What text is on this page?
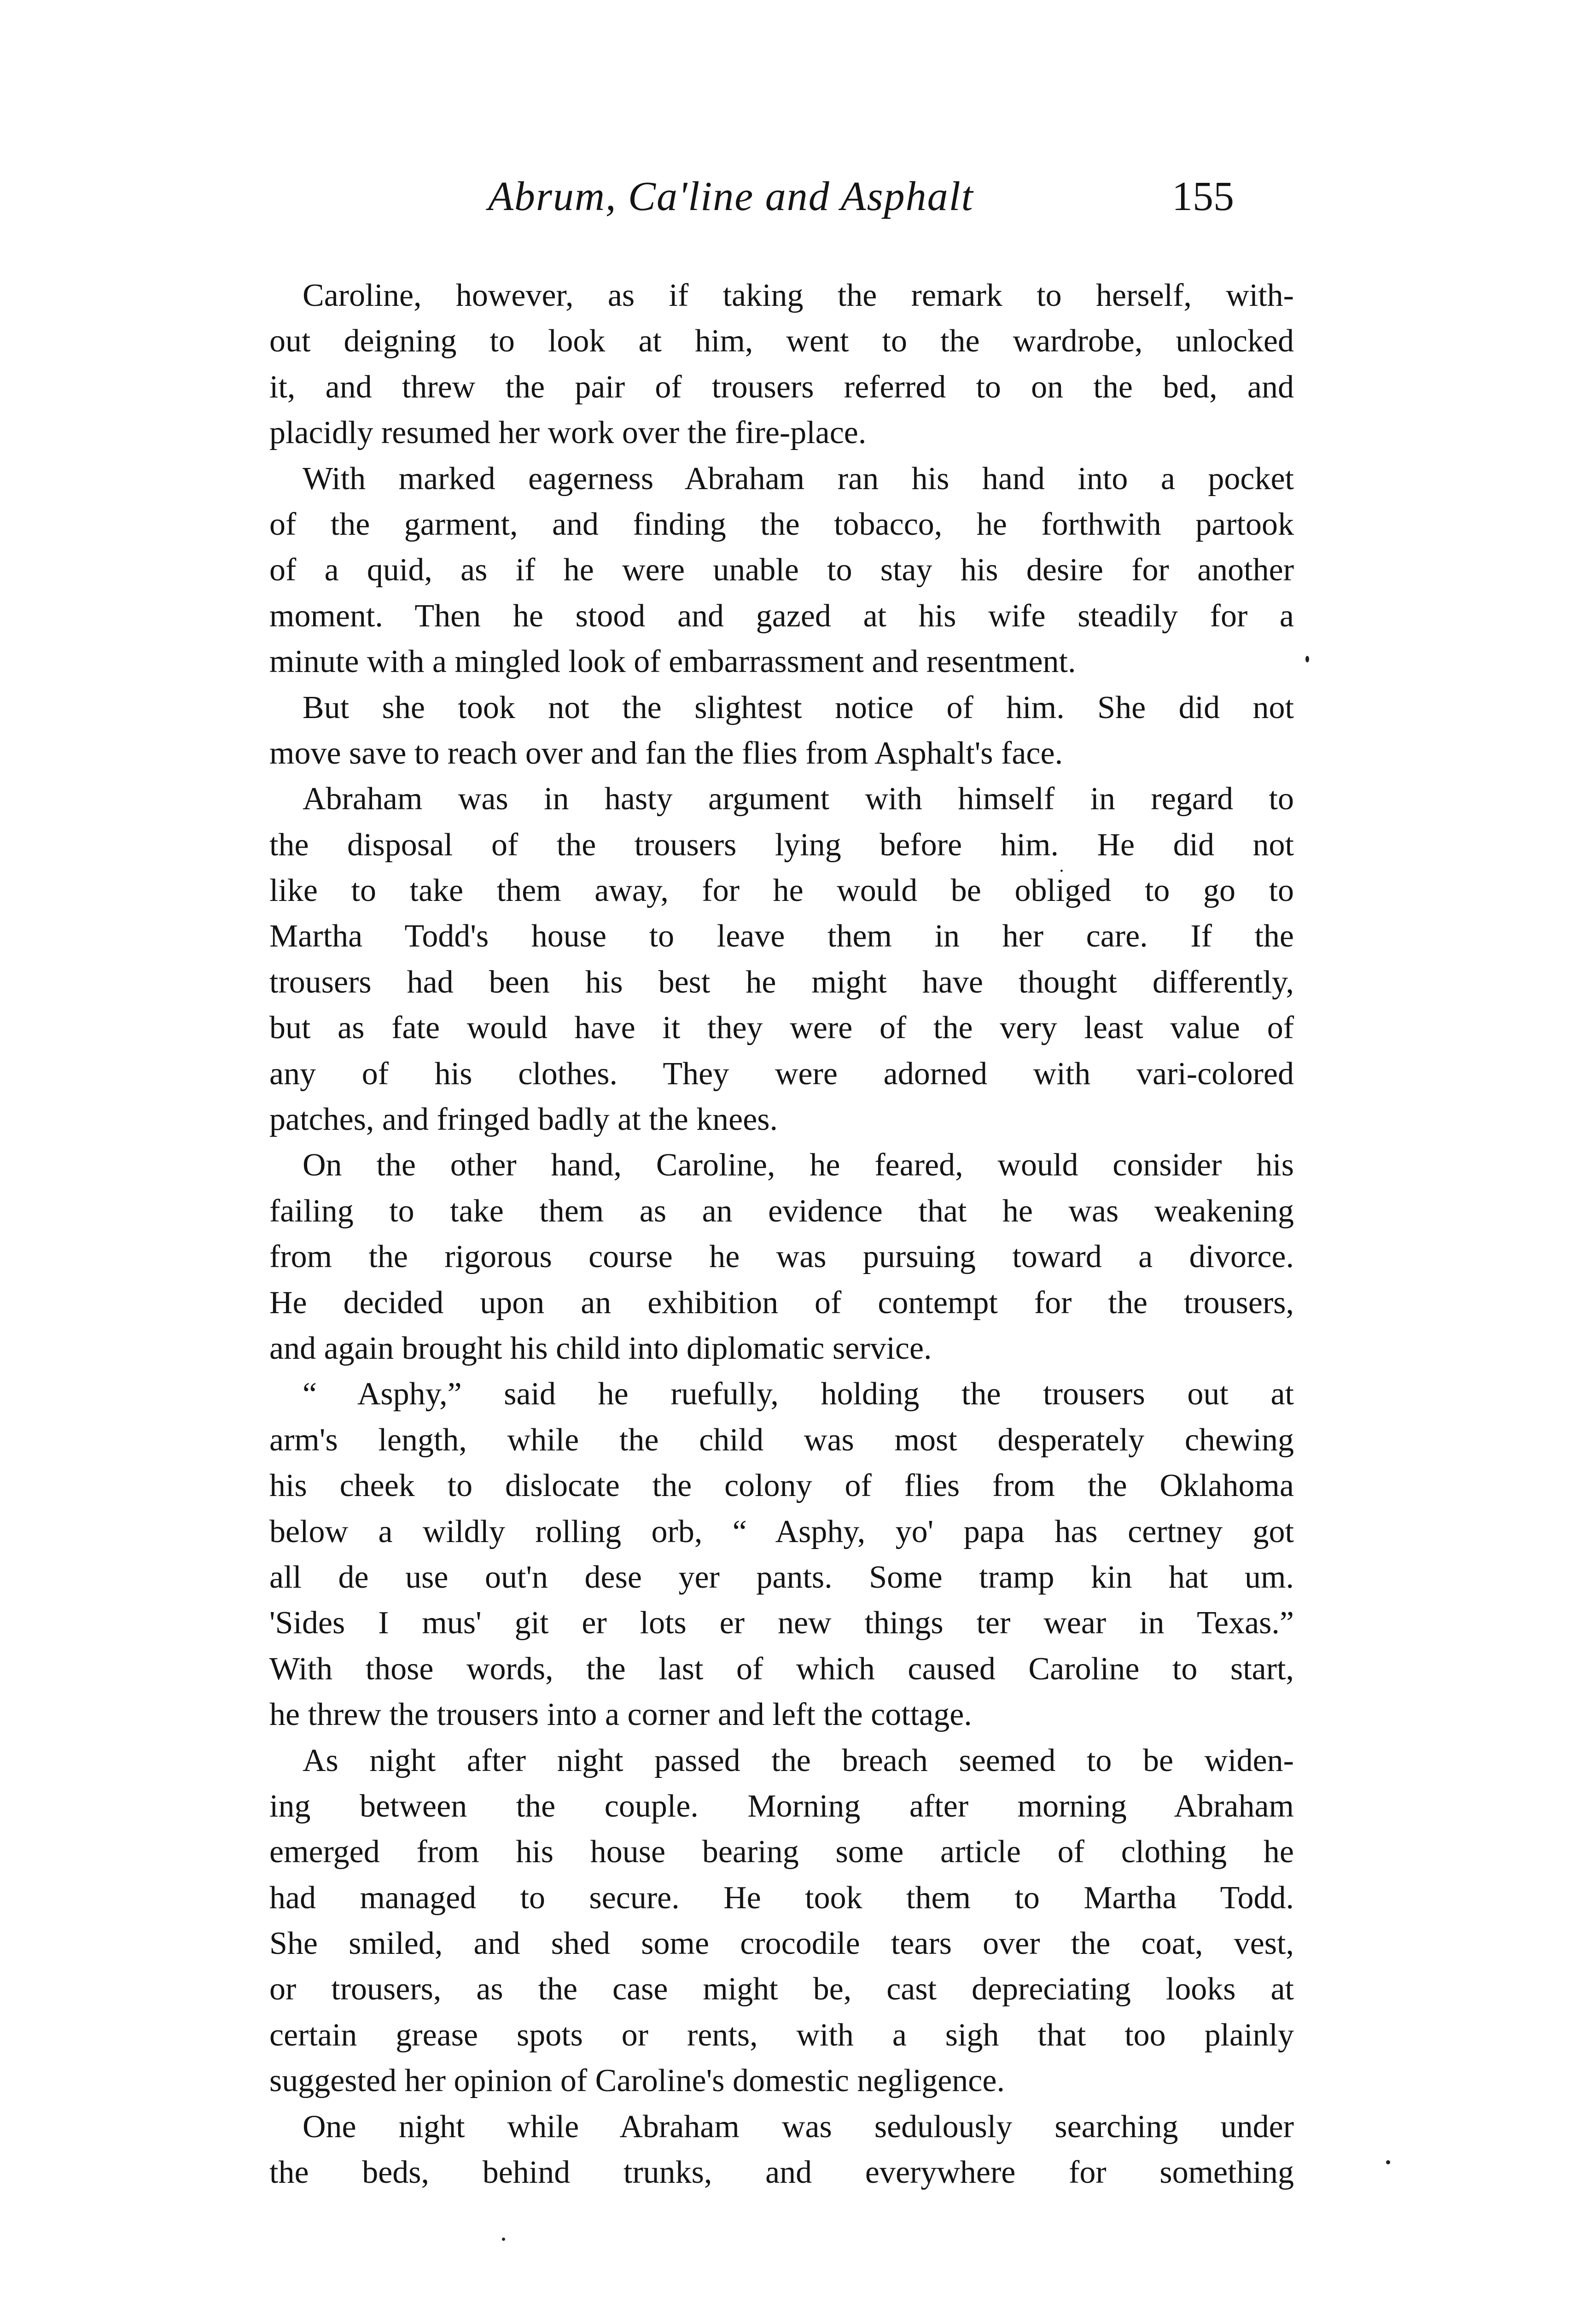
Abrum, Ca'line and Asphalt	155
Caroline, however, as if taking the remark to herself, with-
out deigning to look at him, went to the wardrobe, unlocked
it, and threw the pair of trousers referred to on the bed, and
placidly resumed her work over the fire-place.
With marked eagerness Abraham ran his hand into a pocket
of the garment, and finding the tobacco, he forthwith partook
of a quid, as if he were unable to stay his desire for another
moment. Then he stood and gazed at his wife steadily for a
minute with a mingled look of embarrassment and resentment.
But she took not the slightest notice of him. She did not
move save to reach over and fan the flies from Asphalt's face.
Abraham was in hasty argument with himself in regard to
the disposal of the trousers lying before him. He did not
like to take them away, for he would be obliged to go to
Martha Todd's house to leave them in her care. If the
trousers had been his best he might have thought differently,
but as fate would have it they were of the very least value of
any of his clothes. They were adorned with vari-colored
patches, and fringed badly at the knees.
On the other hand, Caroline, he feared, would consider his
failing to take them as an evidence that he was weakening
from the rigorous course he was pursuing toward a divorce.
He decided upon an exhibition of contempt for the trousers,
and again brought his child into diplomatic service.
“ Asphy,” said he ruefully, holding the trousers out at
arm's length, while the child was most desperately chewing
his cheek to dislocate the colony of flies from the Oklahoma
below a wildly rolling orb, “ Asphy, yo' papa has certney got
all de use out'n dese yer pants. Some tramp kin hat um.
'Sides I mus' git er lots er new things ter wear in Texas.”
With those words, the last of which caused Caroline to start,
he threw the trousers into a corner and left the cottage.
As night after night passed the breach seemed to be widen-
ing between the couple. Morning after morning Abraham
emerged from his house bearing some article of clothing he
had managed to secure. He took them to Martha Todd.
She smiled, and shed some crocodile tears over the coat, vest,
or trousers, as the case might be, cast depreciating looks at
certain grease spots or rents, with a sigh that too plainly
suggested her opinion of Caroline's domestic negligence.
One night while Abraham was sedulously searching under
the beds, behind trunks, and everywhere for something
